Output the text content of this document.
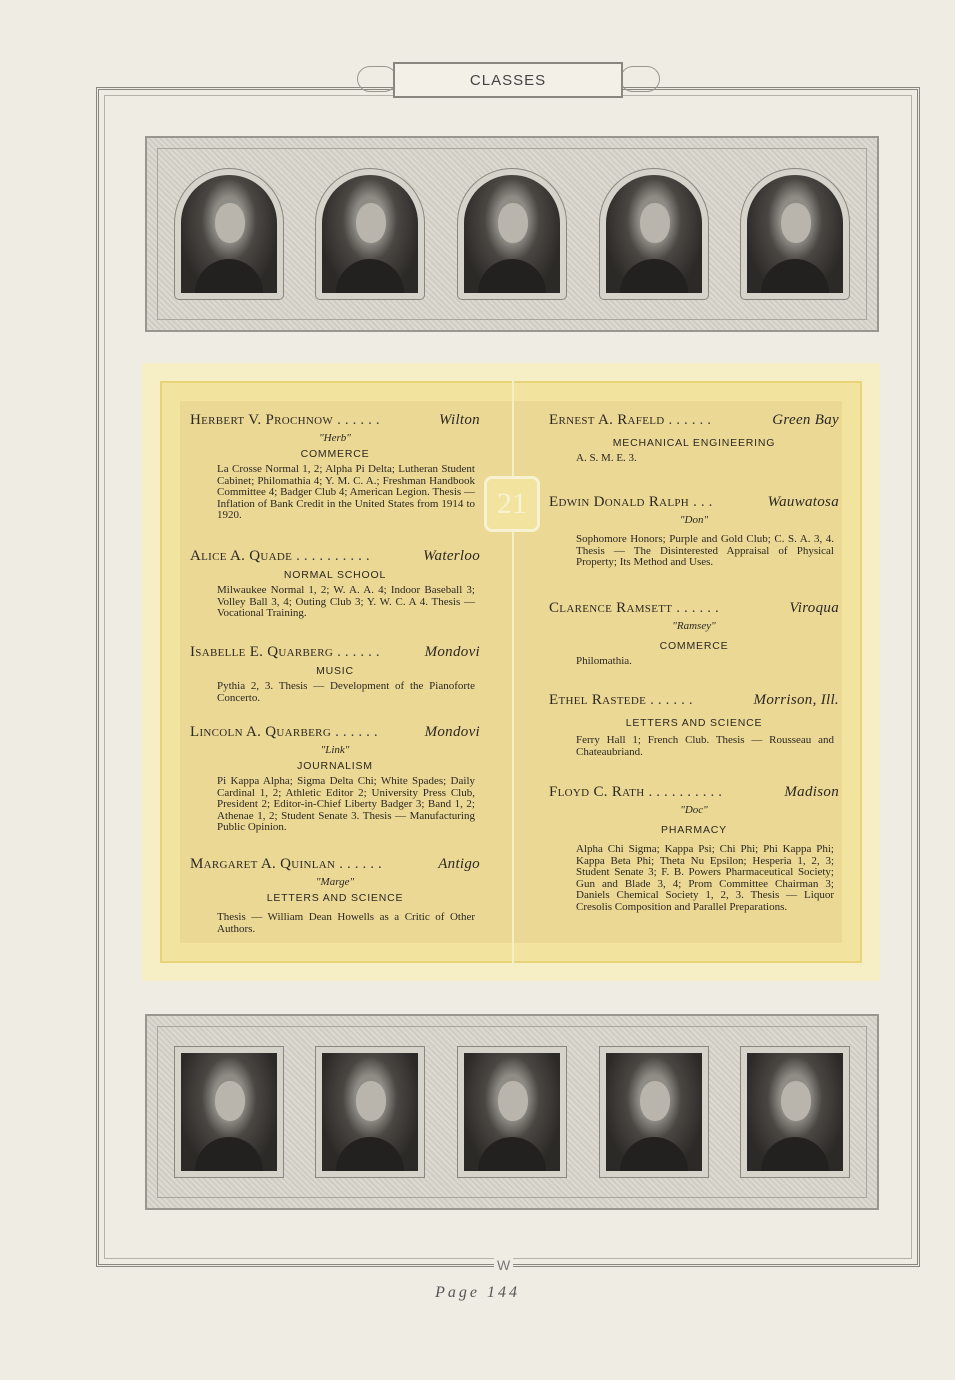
CLASSES
21
Herbert V. Prochnow ......	Wilton
"Herb"
COMMERCE
La Crosse Normal 1, 2; Alpha Pi Delta; Lutheran Student Cabinet; Philomathia 4; Y. M. C. A.; Freshman Handbook Committee 4; Badger Club 4; American Legion. Thesis — Inflation of Bank Credit in the United States from 1914 to 1920.
Alice A. Quade ..........	Waterloo
NORMAL SCHOOL
Milwaukee Normal 1, 2; W. A. A. 4; Indoor Baseball 3; Volley Ball 3, 4; Outing Club 3; Y. W. C. A 4. Thesis — Vocational Training.
Isabelle E. Quarberg ......	Mondovi
MUSIC
Pythia 2, 3. Thesis — Development of the Pianoforte Concerto.
Lincoln A. Quarberg ......	Mondovi
"Link"
JOURNALISM
Pi Kappa Alpha; Sigma Delta Chi; White Spades; Daily Cardinal 1, 2; Athletic Editor 2; University Press Club, President 2; Editor-in-Chief Liberty Badger 3; Band 1, 2; Athenae 1, 2; Student Senate 3. Thesis — Manufacturing Public Opinion.
Margaret A. Quinlan ......	Antigo
"Marge"
LETTERS AND SCIENCE
Thesis — William Dean Howells as a Critic of Other Authors.
Ernest A. Rafeld ......	Green Bay
MECHANICAL ENGINEERING
A. S. M. E. 3.
Edwin Donald Ralph ...	Wauwatosa
"Don"
Sophomore Honors; Purple and Gold Club; C. S. A. 3, 4. Thesis — The Disinterested Appraisal of Physical Property; Its Method and Uses.
Clarence Ramsett ......	Viroqua
"Ramsey"
COMMERCE
Philomathia.
Ethel Rastede ......	Morrison, Ill.
LETTERS AND SCIENCE
Ferry Hall 1; French Club. Thesis — Rousseau and Chateaubriand.
Floyd C. Rath ..........	Madison
"Doc"
PHARMACY
Alpha Chi Sigma; Kappa Psi; Chi Phi; Phi Kappa Phi; Kappa Beta Phi; Theta Nu Epsilon; Hesperia 1, 2, 3; Student Senate 3; F. B. Powers Pharmaceutical Society; Gun and Blade 3, 4; Prom Committee Chairman 3; Daniels Chemical Society 1, 2, 3. Thesis — Liquor Cresolis Composition and Parallel Preparations.
W
Page 144
